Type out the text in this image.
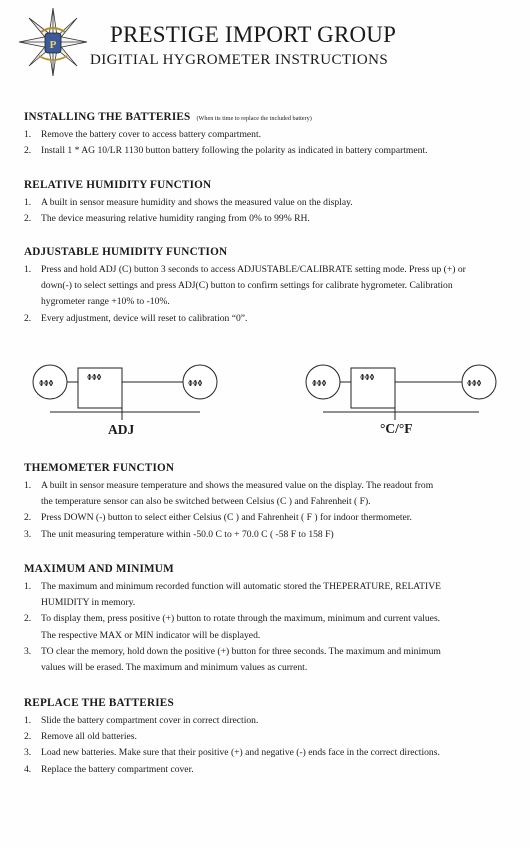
P PRESTIGE IMPORT GROUP
DIGITIAL HYGROMETER INSTRUCTIONS
INSTALLING THE BATTERIES (When its time to replace the included battery)
1. Remove the battery cover to access battery compartment.
2. Install 1 * AG 10/LR 1130 button battery following the polarity as indicated in battery compartment.
RELATIVE HUMIDITY FUNCTION
1. A built in sensor measure humidity and shows the measured value on the display.
2. The device measuring relative humidity ranging from 0% to 99% RH.
ADJUSTABLE HUMIDITY FUNCTION
1. Press and hold ADJ (C) button 3 seconds to access ADJUSTABLE/CALIBRATE setting mode. Press up (+) or
down(-) to select settings and press ADJ(C) button to confirm settings for calibrate hygrometer. Calibration
hygrometer range +10% to -10%.
2. Every adjustment, device will reset to calibration “0”.
ΦΦΦ
ΦΦΦ
ΦΦΦ
ADJ
ΦΦΦ
ΦΦΦ
ΦΦΦ
°C/°F
THEMOMETER FUNCTION
1. A built in sensor measure temperature and shows the measured value on the display. The readout from
the temperature sensor can also be switched between Celsius (C ) and Fahrenheit ( F).
2. Press DOWN (-) button to select either Celsius (C ) and Fahrenheit ( F ) for indoor thermometer.
3. The unit measuring temperature within -50.0 C to + 70.0 C ( -58 F to 158 F)
MAXIMUM AND MINIMUM
1. The maximum and minimum recorded function will automatic stored the THEPERATURE, RELATIVE
HUMIDITY in memory.
2. To display them, press positive (+) button to rotate through the maximum, minimum and current values.
The respective MAX or MIN indicator will be displayed.
3. TO clear the memory, hold down the positive (+) button for three seconds. The maximum and minimum
values will be erased. The maximum and minimum values as current.
REPLACE THE BATTERIES
1. Slide the battery compartment cover in correct direction.
2. Remove all old batteries.
3. Load new batteries. Make sure that their positive (+) and negative (-) ends face in the correct directions.
4. Replace the battery compartment cover.
